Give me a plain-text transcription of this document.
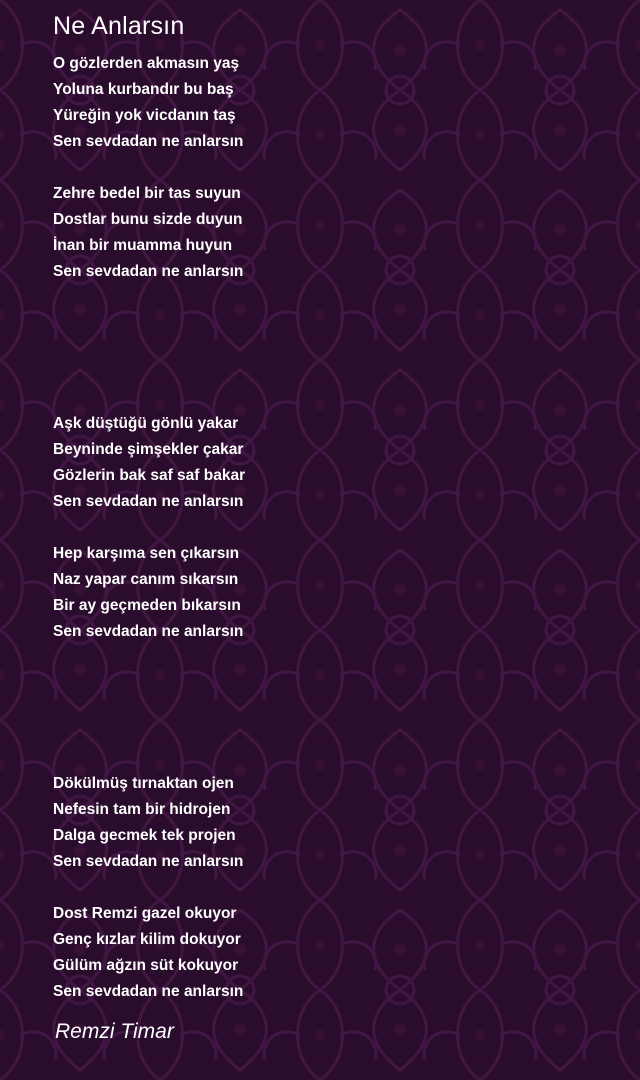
Ne Anlarsın
O gözlerden akmasın yaş
Yoluna kurbandır bu baş
Yüreğin yok vicdanın taş
Sen sevdadan ne anlarsın
Zehre bedel bir tas suyun
Dostlar bunu sizde duyun
İnan bir muamma huyun
Sen sevdadan ne anlarsın
Aşk düştüğü gönlü yakar
Beyninde şimşekler çakar
Gözlerin bak saf saf bakar
Sen sevdadan ne anlarsın
Hep karşıma sen çıkarsın
Naz yapar canım sıkarsın
Bir ay geçmeden bıkarsın
Sen sevdadan ne anlarsın
Dökülmüş tırnaktan ojen
Nefesin tam bir hidrojen
Dalga gecmek tek projen
Sen sevdadan ne anlarsın
Dost Remzi gazel okuyor
Genç kızlar kilim dokuyor
Gülüm ağzın süt kokuyor
Sen sevdadan ne anlarsın
Remzi Timar
